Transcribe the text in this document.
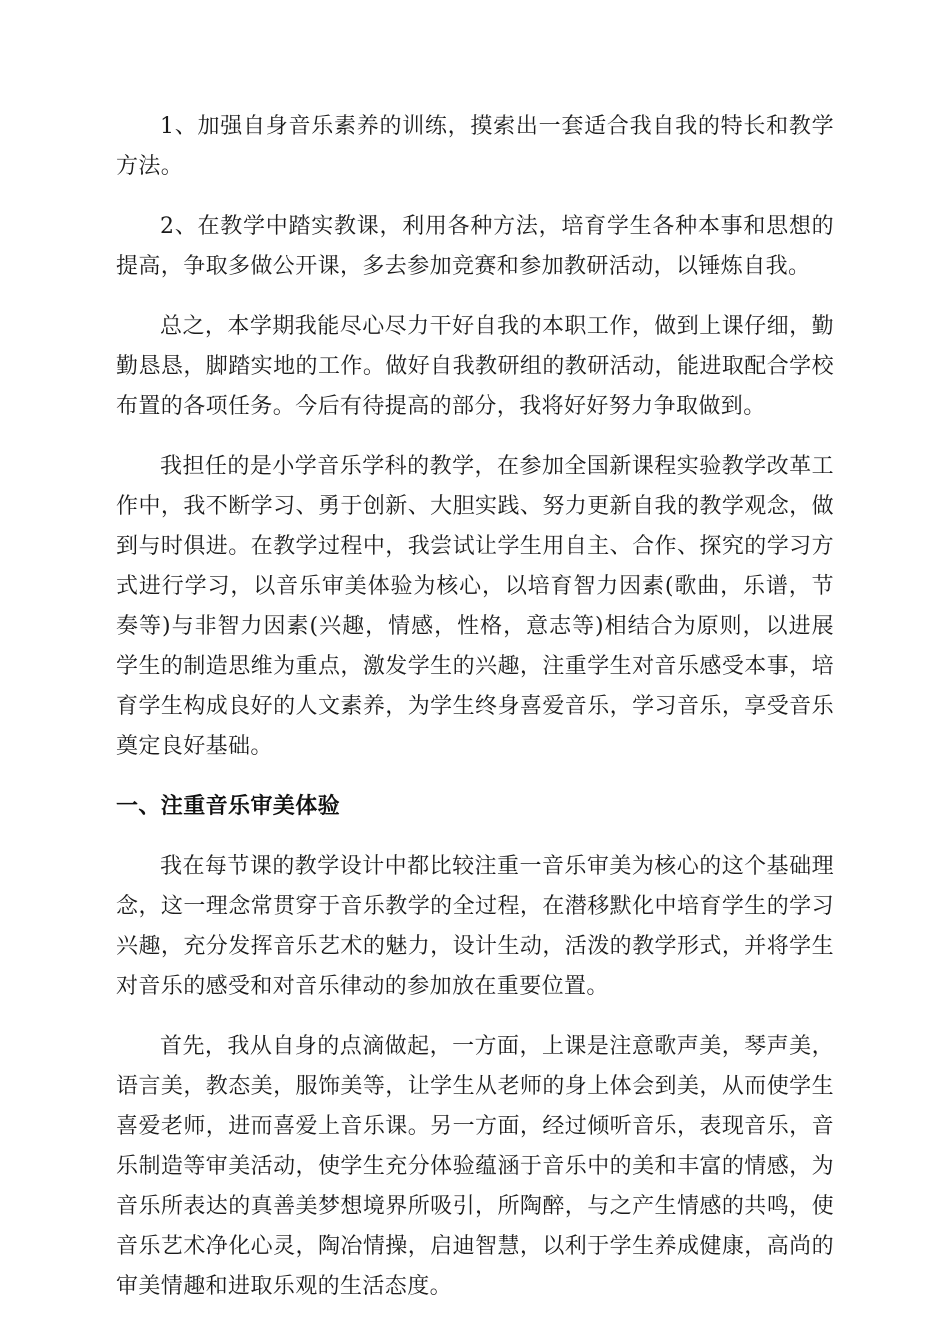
1、加强自身音乐素养的训练，摸索出一套适合我自我的特长和教学方法。

2、在教学中踏实教课，利用各种方法，培育学生各种本事和思想的提高，争取多做公开课，多去参加竞赛和参加教研活动，以锤炼自我。

总之，本学期我能尽心尽力干好自我的本职工作，做到上课仔细，勤勤恳恳，脚踏实地的工作。做好自我教研组的教研活动，能进取配合学校布置的各项任务。今后有待提高的部分，我将好好努力争取做到。

我担任的是小学音乐学科的教学，在参加全国新课程实验教学改革工作中，我不断学习、勇于创新、大胆实践、努力更新自我的教学观念，做到与时俱进。在教学过程中，我尝试让学生用自主、合作、探究的学习方式进行学习，以音乐审美体验为核心，以培育智力因素(歌曲，乐谱，节奏等)与非智力因素(兴趣，情感，性格，意志等)相结合为原则，以进展学生的制造思维为重点，激发学生的兴趣，注重学生对音乐感受本事，培育学生构成良好的人文素养，为学生终身喜爱音乐，学习音乐，享受音乐奠定良好基础。

一、注重音乐审美体验

我在每节课的教学设计中都比较注重一音乐审美为核心的这个基础理念，这一理念常贯穿于音乐教学的全过程，在潜移默化中培育学生的学习兴趣，充分发挥音乐艺术的魅力，设计生动，活泼的教学形式，并将学生对音乐的感受和对音乐律动的参加放在重要位置。

首先，我从自身的点滴做起，一方面，上课是注意歌声美，琴声美，语言美，教态美，服饰美等，让学生从老师的身上体会到美，从而使学生喜爱老师，进而喜爱上音乐课。另一方面，经过倾听音乐，表现音乐，音乐制造等审美活动，使学生充分体验蕴涵于音乐中的美和丰富的情感，为音乐所表达的真善美梦想境界所吸引，所陶醉，与之产生情感的共鸣，使音乐艺术净化心灵，陶冶情操，启迪智慧，以利于学生养成健康，高尚的审美情趣和进取乐观的生活态度。
